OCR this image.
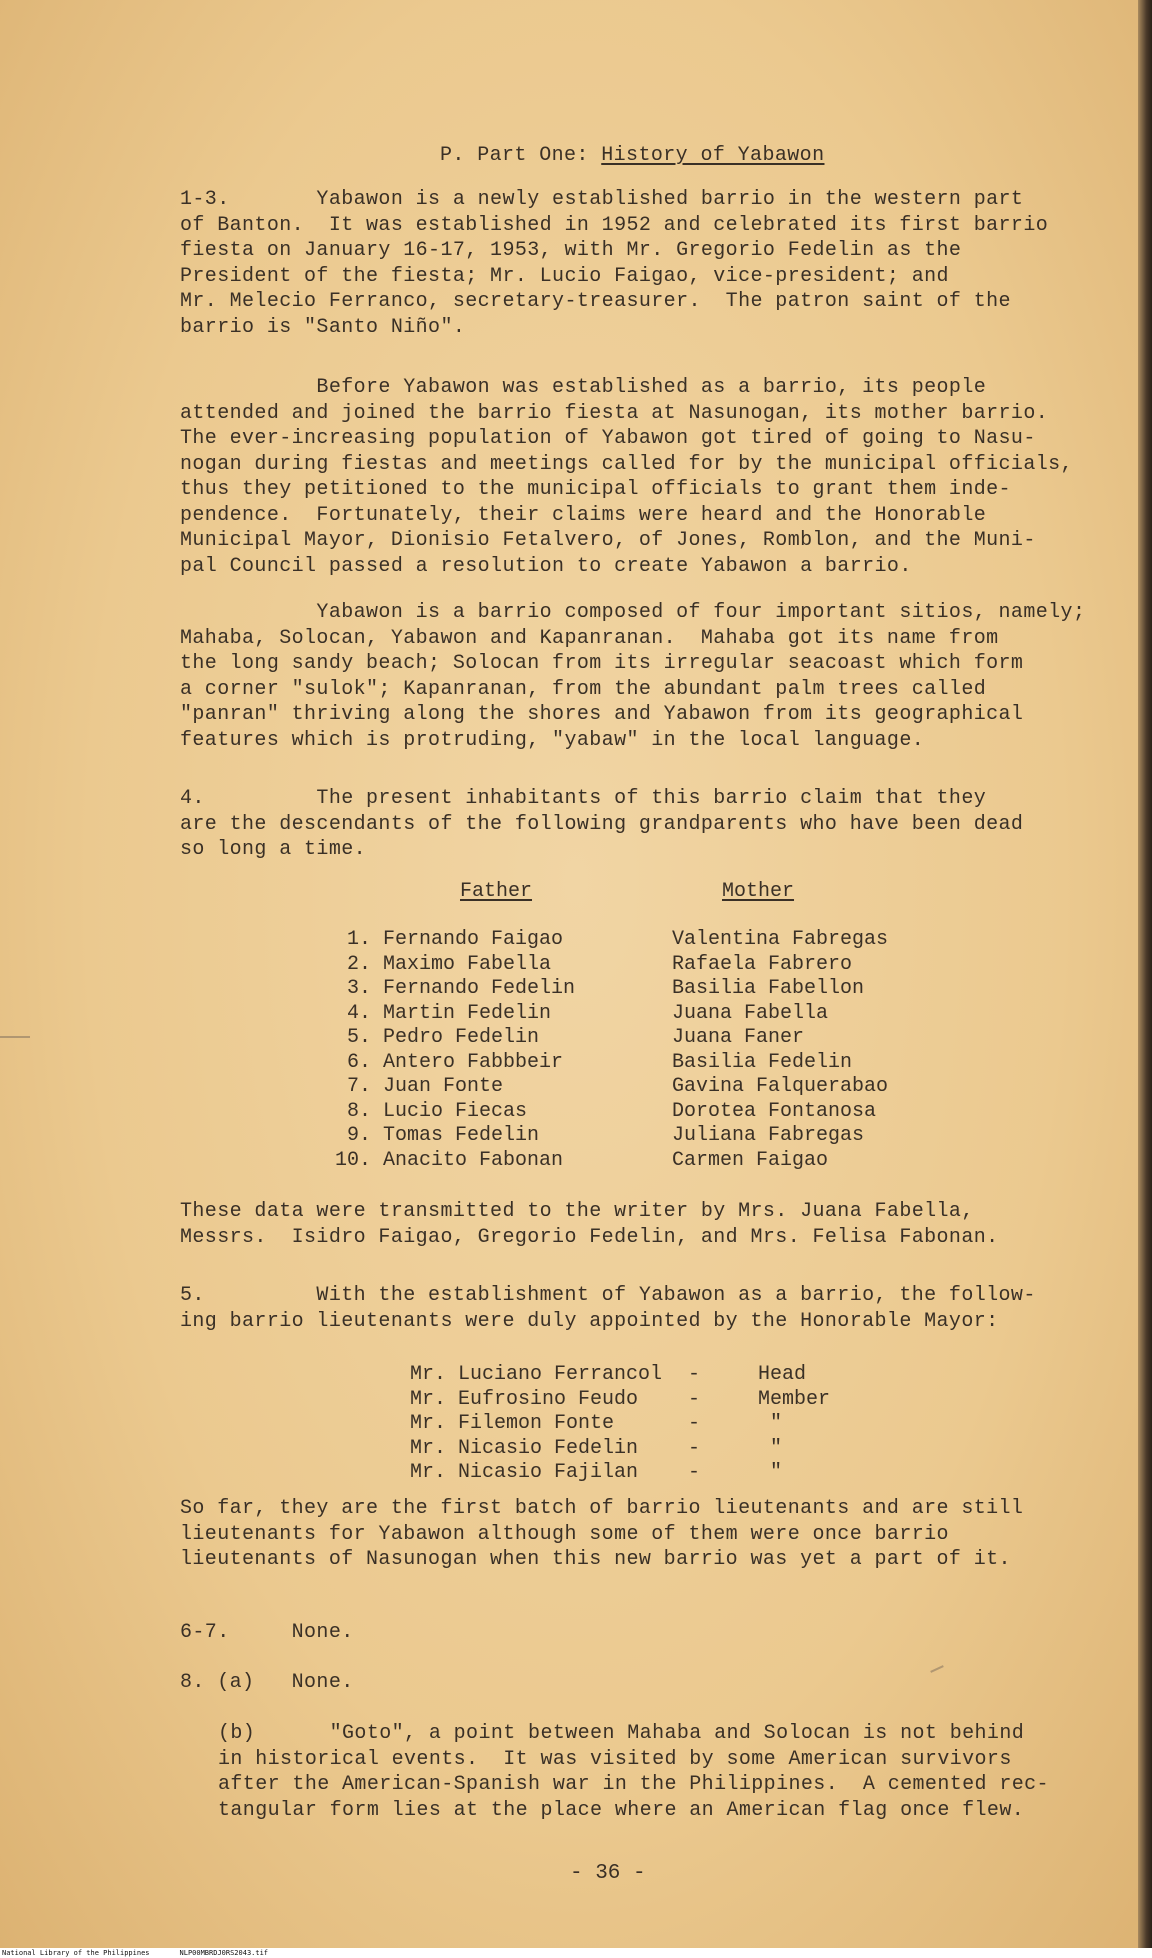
P. Part One: History of Yabawon
1-3.       Yabawon is a newly established barrio in the western part
of Banton.  It was established in 1952 and celebrated its first barrio
fiesta on January 16-17, 1953, with Mr. Gregorio Fedelin as the
President of the fiesta; Mr. Lucio Faigao, vice-president; and
Mr. Melecio Ferranco, secretary-treasurer.  The patron saint of the
barrio is "Santo Niño".
Before Yabawon was established as a barrio, its people
attended and joined the barrio fiesta at Nasunogan, its mother barrio.
The ever-increasing population of Yabawon got tired of going to Nasu-
nogan during fiestas and meetings called for by the municipal officials,
thus they petitioned to the municipal officials to grant them inde-
pendence.  Fortunately, their claims were heard and the Honorable
Municipal Mayor, Dionisio Fetalvero, of Jones, Romblon, and the Muni-
pal Council passed a resolution to create Yabawon a barrio.
Yabawon is a barrio composed of four important sitios, namely;
Mahaba, Solocan, Yabawon and Kapanranan.  Mahaba got its name from
the long sandy beach; Solocan from its irregular seacoast which form
a corner "sulok"; Kapanranan, from the abundant palm trees called
"panran" thriving along the shores and Yabawon from its geographical
features which is protruding, "yabaw" in the local language.
4.         The present inhabitants of this barrio claim that they
are the descendants of the following grandparents who have been dead
so long a time.
Father	Mother
1. Fernando Faigao
2. Maximo Fabella
3. Fernando Fedelin
4. Martin Fedelin
5. Pedro Fedelin
6. Antero Fabbbeir
7. Juan Fonte
8. Lucio Fiecas
9. Tomas Fedelin
10. Anacito Fabonan
Valentina Fabregas
Rafaela Fabrero
Basilia Fabellon
Juana Fabella
Juana Faner
Basilia Fedelin
Gavina Falquerabao
Dorotea Fontanosa
Juliana Fabregas
Carmen Faigao
These data were transmitted to the writer by Mrs. Juana Fabella,
Messrs.  Isidro Faigao, Gregorio Fedelin, and Mrs. Felisa Fabonan.
5.         With the establishment of Yabawon as a barrio, the follow-
ing barrio lieutenants were duly appointed by the Honorable Mayor:
Mr. Luciano Ferrancol
Mr. Eufrosino Feudo
Mr. Filemon Fonte
Mr. Nicasio Fedelin
Mr. Nicasio Fajilan
-
-
-
-
-
Head
Member
"
"
"
So far, they are the first batch of barrio lieutenants and are still
lieutenants for Yabawon although some of them were once barrio
lieutenants of Nasunogan when this new barrio was yet a part of it.
6-7.     None.
8. (a)   None.
(b)      "Goto", a point between Mahaba and Solocan is not behind
in historical events.  It was visited by some American survivors
after the American-Spanish war in the Philippines.  A cemented rec-
tangular form lies at the place where an American flag once flew.
- 36 -
National Library of the Philippines	NLP00MBRDJ0RS2043.tif
